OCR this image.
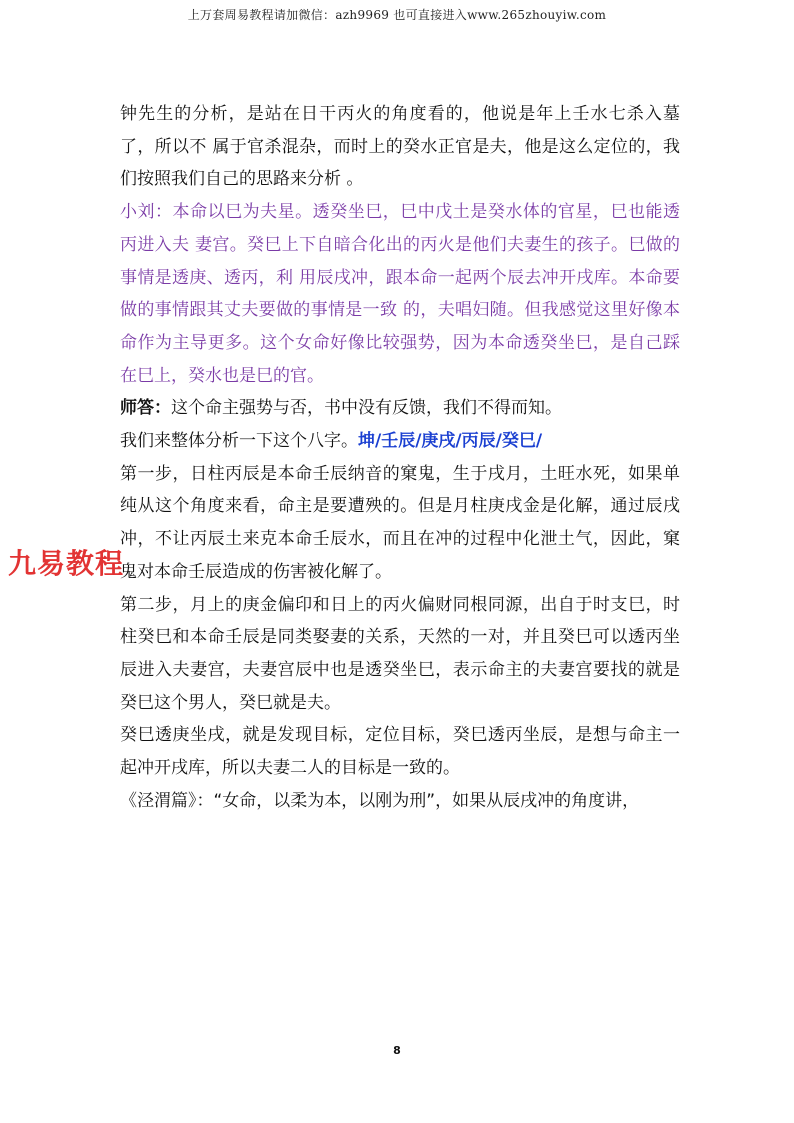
上万套周易教程请加微信：azh9969 也可直接进入www.265zhouyiw.com
九易教程

钟先生的分析，是站在日干丙火的角度看的，他说是年上壬水七杀入墓了，所以不 属于官杀混杂，而时上的癸水正官是夫，他是这么定位的，我们按照我们自己的思路来分析 。

小刘：本命以巳为夫星。透癸坐巳，巳中戊土是癸水体的官星，巳也能透丙进入夫 妻宫。癸巳上下自暗合化出的丙火是他们夫妻生的孩子。巳做的事情是透庚、透丙，利 用辰戌冲，跟本命一起两个辰去冲开戌库。本命要做的事情跟其丈夫要做的事情是一致 的，夫唱妇随。但我感觉这里好像本命作为主导更多。这个女命好像比较强势，因为本命透癸坐巳，是自己踩在巳上，癸水也是巳的官。

师答：这个命主强势与否，书中没有反馈，我们不得而知。

我们来整体分析一下这个八字。坤/壬辰/庚戌/丙辰/癸巳/

第一步，日柱丙辰是本命壬辰纳音的窠鬼，生于戌月，土旺水死，如果单纯从这个角度来看，命主是要遭殃的。但是月柱庚戌金是化解，通过辰戌冲，不让丙辰土来克本命壬辰水，而且在冲的过程中化泄土气，因此，窠鬼对本命壬辰造成的伤害被化解了。

第二步，月上的庚金偏印和日上的丙火偏财同根同源，出自于时支巳，时柱癸巳和本命壬辰是同类娶妻的关系，天然的一对，并且癸巳可以透丙坐辰进入夫妻宫，夫妻宫辰中也是透癸坐巳，表示命主的夫妻宫要找的就是癸巳这个男人，癸巳就是夫。

癸巳透庚坐戌，就是发现目标，定位目标，癸巳透丙坐辰，是想与命主一起冲开戌库，所以夫妻二人的目标是一致的。

《泾渭篇》：“女命，以柔为本，以刚为刑”，如果从辰戌冲的角度讲，

8
